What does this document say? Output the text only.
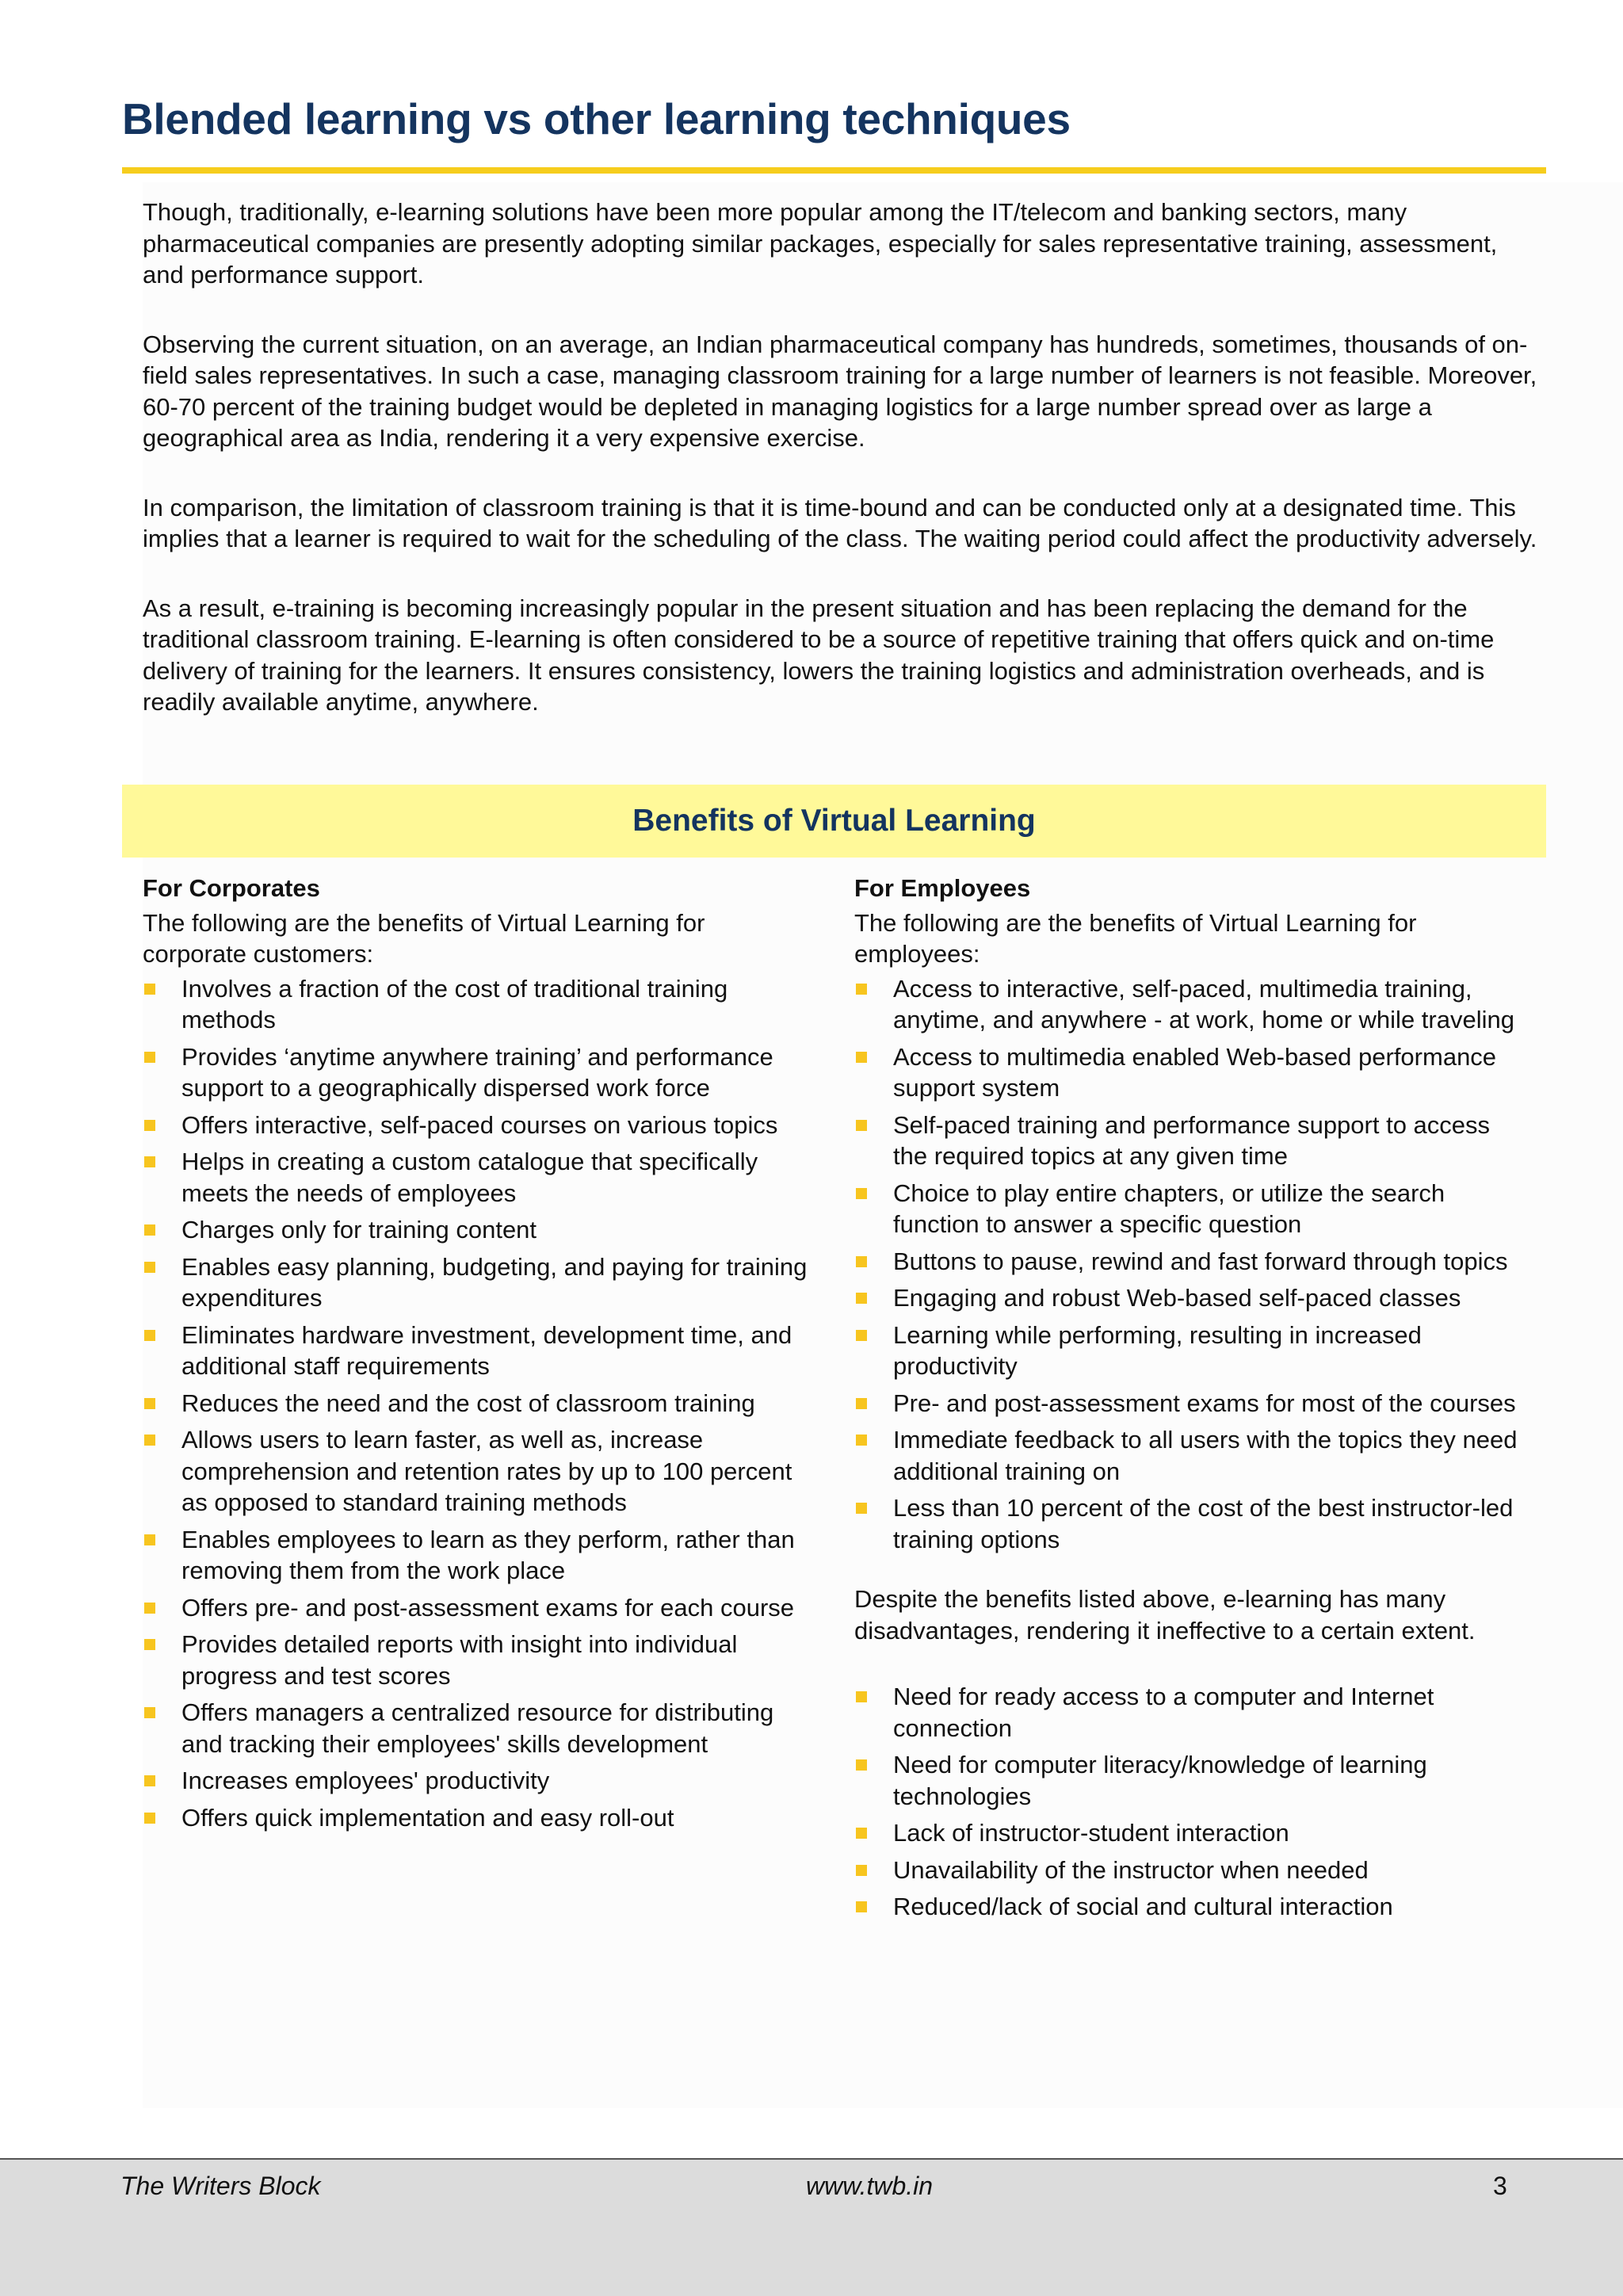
Blended learning vs other learning techniques

Though, traditionally, e-learning solutions have been more popular among the IT/telecom and banking sectors, many pharmaceutical companies are presently adopting similar packages, especially for sales representative training, assessment, and performance support.

Observing the current situation, on an average, an Indian pharmaceutical company has hundreds, sometimes, thousands of on-field sales representatives. In such a case, managing classroom training for a large number of learners is not feasible. Moreover, 60-70 percent of the training budget would be depleted in managing logistics for a large number spread over as large a geographical area as India, rendering it a very expensive exercise.

In comparison, the limitation of classroom training is that it is time-bound and can be conducted only at a designated time. This implies that a learner is required to wait for the scheduling of the class. The waiting period could affect the productivity adversely.

As a result, e-training is becoming increasingly popular in the present situation and has been replacing the demand for the traditional classroom training. E-learning is often considered to be a source of repetitive training that offers quick and on-time delivery of training for the learners. It ensures consistency, lowers the training logistics and administration overheads, and is readily available anytime, anywhere.

Benefits of Virtual Learning
For Corporates
The following are the benefits of Virtual Learning for corporate customers:
Involves a fraction of the cost of traditional training methods
Provides ‘anytime anywhere training’ and performance support to a geographically dispersed work force
Offers interactive, self-paced courses on various topics
Helps in creating a custom catalogue that specifically meets the needs of employees
Charges only for training content
Enables easy planning, budgeting, and paying for training expenditures
Eliminates hardware investment, development time, and additional staff requirements
Reduces the need and the cost of classroom training
Allows users to learn faster, as well as, increase comprehension and retention rates by up to 100 percent as opposed to standard training methods
Enables employees to learn as they perform, rather than removing them from the work place
Offers pre- and post-assessment exams for each course
Provides detailed reports with insight into individual progress and test scores
Offers managers a centralized resource for distributing and tracking their employees' skills development
Increases employees' productivity
Offers quick implementation and easy roll-out
For Employees
The following are the benefits of Virtual Learning for employees:
Access to interactive, self-paced, multimedia training, anytime, and anywhere - at work, home or while traveling
Access to multimedia enabled Web-based performance support system
Self-paced training and performance support to access the required topics at any given time
Choice to play entire chapters, or utilize the search function to answer a specific question
Buttons to pause, rewind and fast forward through topics
Engaging and robust Web-based self-paced classes
Learning while performing, resulting in increased productivity
Pre- and post-assessment exams for most of the courses
Immediate feedback to all users with the topics they need additional training on
Less than 10 percent of the cost of the best instructor-led training options
Despite the benefits listed above, e-learning has many disadvantages, rendering it ineffective to a certain extent.
Need for ready access to a computer and Internet connection
Need for computer literacy/knowledge of learning technologies
Lack of instructor-student interaction
Unavailability of the instructor when needed
Reduced/lack of social and cultural interaction
The Writers Block	www.twb.in	3
